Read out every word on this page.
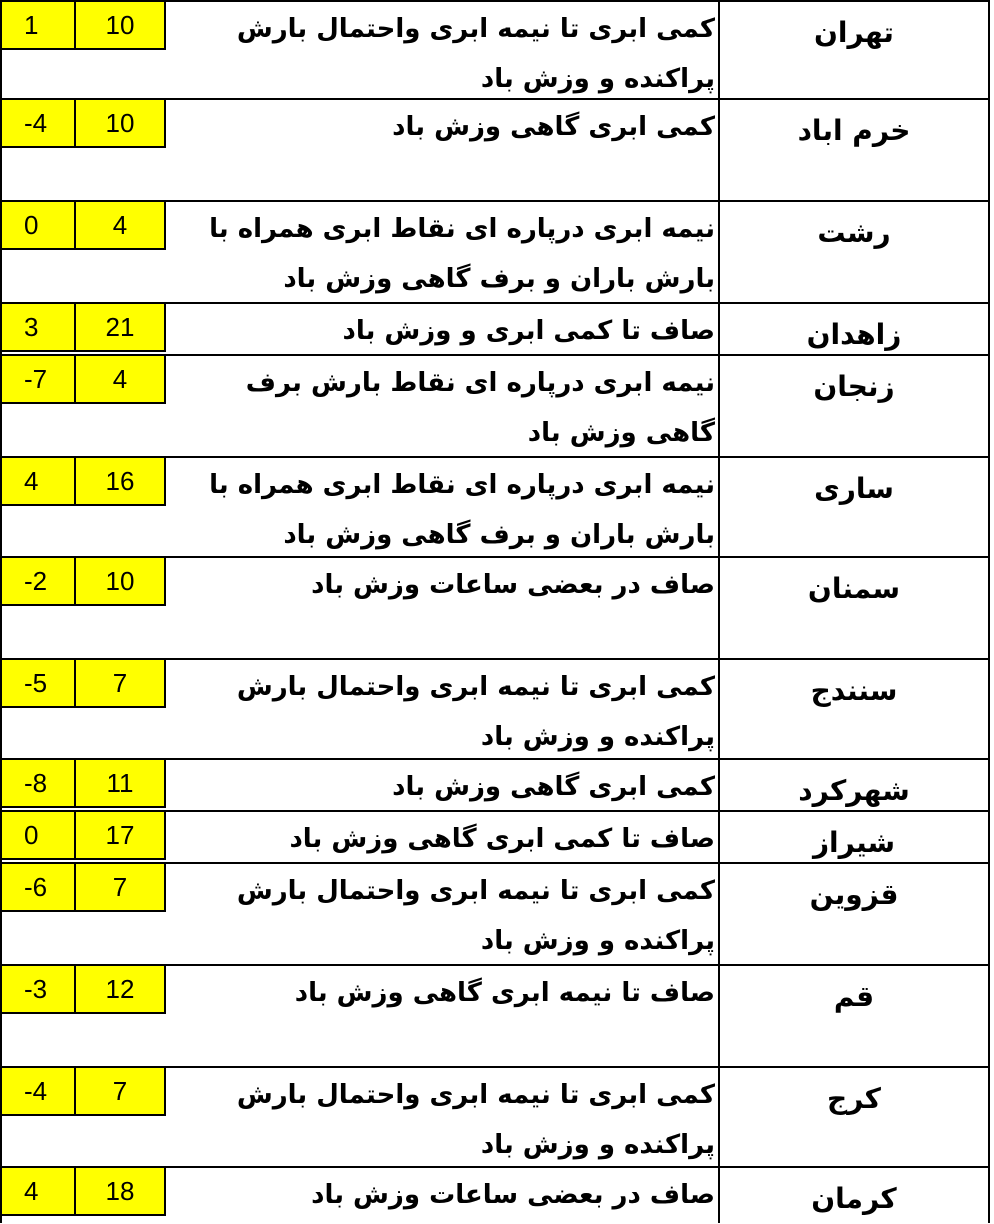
تهران
کمی ابری تا نیمه ابری واحتمال بارش پراکنده و وزش باد
10
1
خرم اباد
کمی ابری گاهی وزش باد
10
-4
رشت
نیمه ابری درپاره ای نقاط ابری همراه با بارش باران و برف گاهی وزش باد
4
0
زاهدان
صاف تا کمی ابری و وزش باد
21
3
زنجان
نیمه ابری درپاره ای نقاط بارش برف گاهی وزش باد
4
-7
ساری
نیمه ابری درپاره ای نقاط ابری همراه با بارش باران و برف گاهی وزش باد
16
4
سمنان
صاف در بعضی ساعات وزش باد
10
-2
سنندج
کمی ابری تا نیمه ابری واحتمال بارش پراکنده و وزش باد
7
-5
شهرکرد
کمی ابری گاهی وزش باد
11
-8
شیراز
صاف تا کمی ابری گاهی وزش باد
17
0
قزوین
کمی ابری تا نیمه ابری واحتمال بارش پراکنده و وزش باد
7
-6
قم
صاف تا نیمه ابری گاهی وزش باد
12
-3
کرج
کمی ابری تا نیمه ابری واحتمال بارش پراکنده و وزش باد
7
-4
کرمان
صاف در بعضی ساعات وزش باد
18
4
